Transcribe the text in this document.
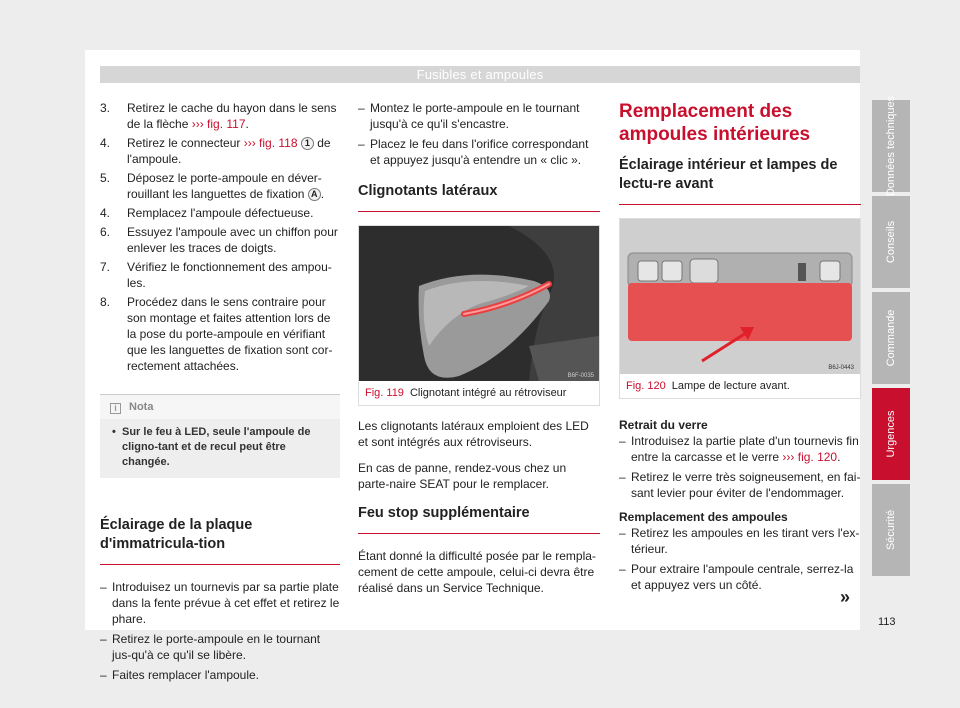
Fusibles et ampoules
3. Retirez le cache du hayon dans le sens de la flèche ››› fig. 117.
4. Retirez le connecteur ››› fig. 118 1 de l'ampoule.
5. Déposez le porte-ampoule en déver-rouillant les languettes de fixation A .
4. Remplacez l'ampoule défectueuse.
6. Essuyez l'ampoule avec un chiffon pour enlever les traces de doigts.
7. Vérifiez le fonctionnement des ampou-les.
8. Procédez dans le sens contraire pour son montage et faites attention lors de la pose du porte-ampoule en vérifiant que les languettes de fixation sont cor-rectement attachées.
i Nota
• Sur le feu à LED, seule l'ampoule de cligno-tant et de recul peut être changée.
Éclairage de la plaque d'immatricula-tion
– Introduisez un tournevis par sa partie plate dans la fente prévue à cet effet et retirez le phare.
– Retirez le porte-ampoule en le tournant jus-qu'à ce qu'il se libère.
– Faites remplacer l'ampoule.
– Montez le porte-ampoule en le tournant jusqu'à ce qu'il s'encastre.
– Placez le feu dans l'orifice correspondant et appuyez jusqu'à entendre un « clic ».
Clignotants latéraux
B6F-0035
Fig. 119 Clignotant intégré au rétroviseur

Les clignotants latéraux emploient des LED et sont intégrés aux rétroviseurs.

En cas de panne, rendez-vous chez un parte-naire SEAT pour le remplacer.

Feu stop supplémentaire

Étant donné la difficulté posée par le rempla-cement de cette ampoule, celui-ci devra être réalisé dans un Service Technique.

Remplacement des ampoules intérieures
Éclairage intérieur et lampes de lectu-re avant
B6J-0443
Fig. 120 Lampe de lecture avant.
Retrait du verre
– Introduisez la partie plate d'un tournevis fin entre la carcasse et le verre ››› fig. 120.
– Retirez le verre très soigneusement, en fai-sant levier pour éviter de l'endommager.
Remplacement des ampoules
– Retirez les ampoules en les tirant vers l'ex-térieur.
– Pour extraire l'ampoule centrale, serrez-la et appuyez vers un côté.
»
Données techniques
Conseils
Commande
Urgences
Sécurité
113
